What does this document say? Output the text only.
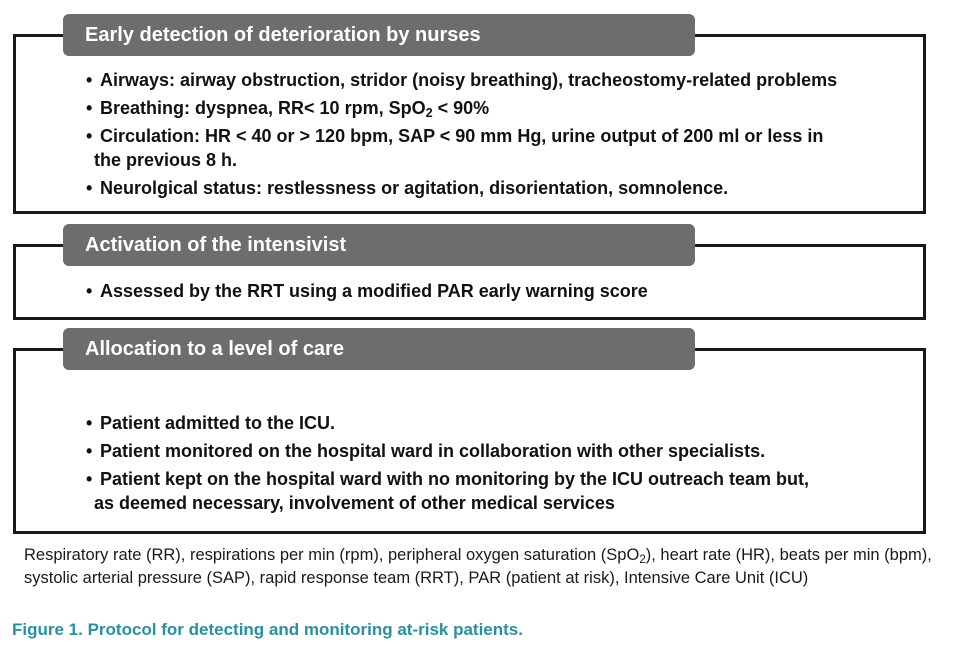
Early detection of deterioration by nurses
• Airways: airway obstruction, stridor (noisy breathing), tracheostomy-related problems
• Breathing: dyspnea, RR< 10 rpm, SpO$_2$ < 90%
• Circulation: HR < 40 or > 120 bpm, SAP < 90 mm Hg, urine output of 200 ml or less in
the previous 8 h.
• Neurolgical status: restlessness or agitation, disorientation, somnolence.
Activation of the intensivist
• Assessed by the RRT using a modified PAR early warning score
Allocation to a level of care
• Patient admitted to the ICU.
• Patient monitored on the hospital ward in collaboration with other specialists.
• Patient kept on the hospital ward with no monitoring by the ICU outreach team but,
as deemed necessary, involvement of other medical services
Respiratory rate (RR), respirations per min (rpm), peripheral oxygen saturation (SpO$_2$), heart rate (HR), beats per min (bpm), systolic arterial pressure (SAP), rapid response team (RRT), PAR (patient at risk), Intensive Care Unit (ICU)
Figure 1. Protocol for detecting and monitoring at-risk patients.
